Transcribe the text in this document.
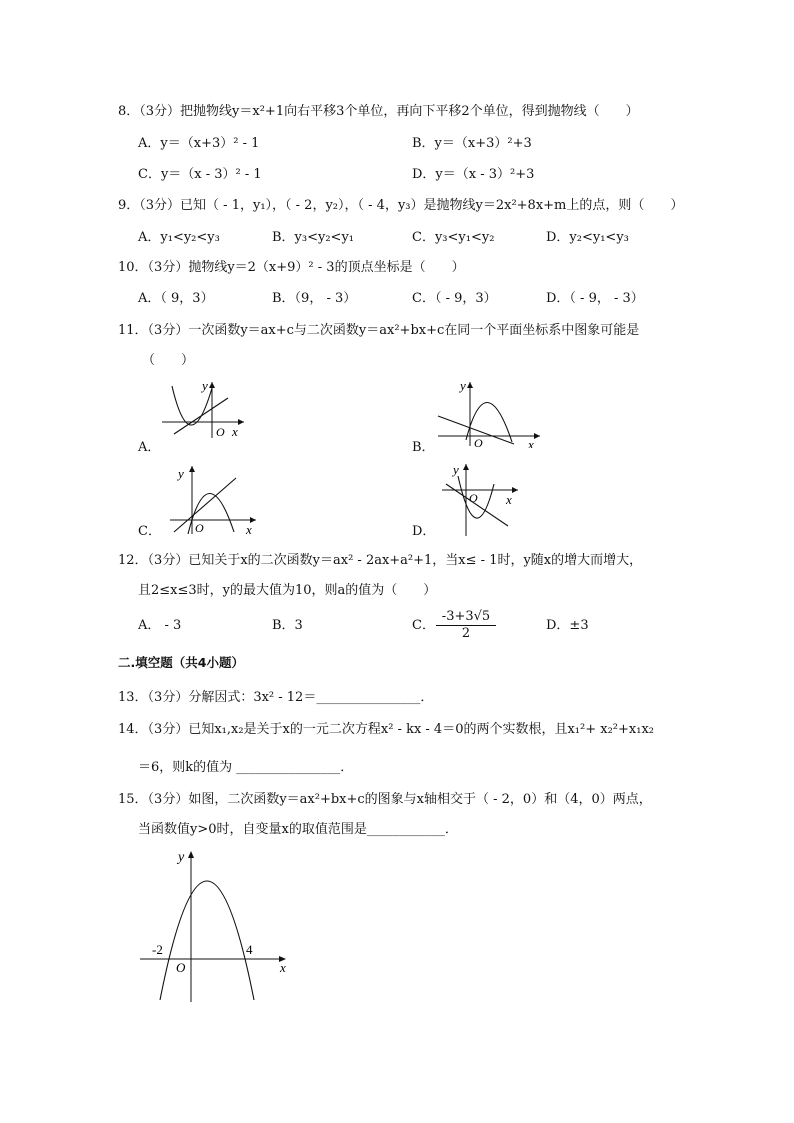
8．（3分）把抛物线y＝x²+1向右平移3个单位，再向下平移2个单位，得到抛物线（　　）
A．y＝（x+3）² - 1	B．y＝（x+3）²+3
C．y＝（x - 3）² - 1	D．y＝（x - 3）²+3
9．（3分）已知（ - 1，y₁），（ - 2，y₂），（ - 4，y₃）是抛物线y＝2x²+8x+m上的点，则（　　）
A．y₁<y₂<y₃	B．y₃<y₂<y₁	C．y₃<y₁<y₂	D．y₂<y₁<y₃
10．（3分）抛物线y＝2（x+9）² - 3的顶点坐标是（　　）
A．（ 9，3）	B．（9， - 3）	C．（ - 9，3）	D．（ - 9， - 3）
11．（3分）一次函数y＝ax+c与二次函数y＝ax²+bx+c在同一个平面坐标系中图象可能是
（　　）
A．
y
O x
B．
y
O	x
C．
y
O	x	D．
y
O x
12．（3分）已知关于x的二次函数y＝ax² - 2ax+a²+1，当x≤ - 1时，y随x的增大而增大，
且2≤x≤3时，y的最大值为10，则a的值为（　　）
A． - 3	B．3	C． $\frac{-3+3√5}{2}$	D．±3
二.填空题（共4小题）
13．（3分）分解因式：3x² - 12＝________________．
14．（3分）已知x₁,x₂是关于x的一元二次方程x² - kx - 4＝0的两个实数根，且x₁²+ x₂²+x₁x₂
＝6，则k的值为 ________________．
15．（3分）如图，二次函数y＝ax²+bx+c的图象与x轴相交于（ - 2，0）和（4，0）两点，
当函数值y>0时，自变量x的取值范围是____________．
y
-2	4
O	x
